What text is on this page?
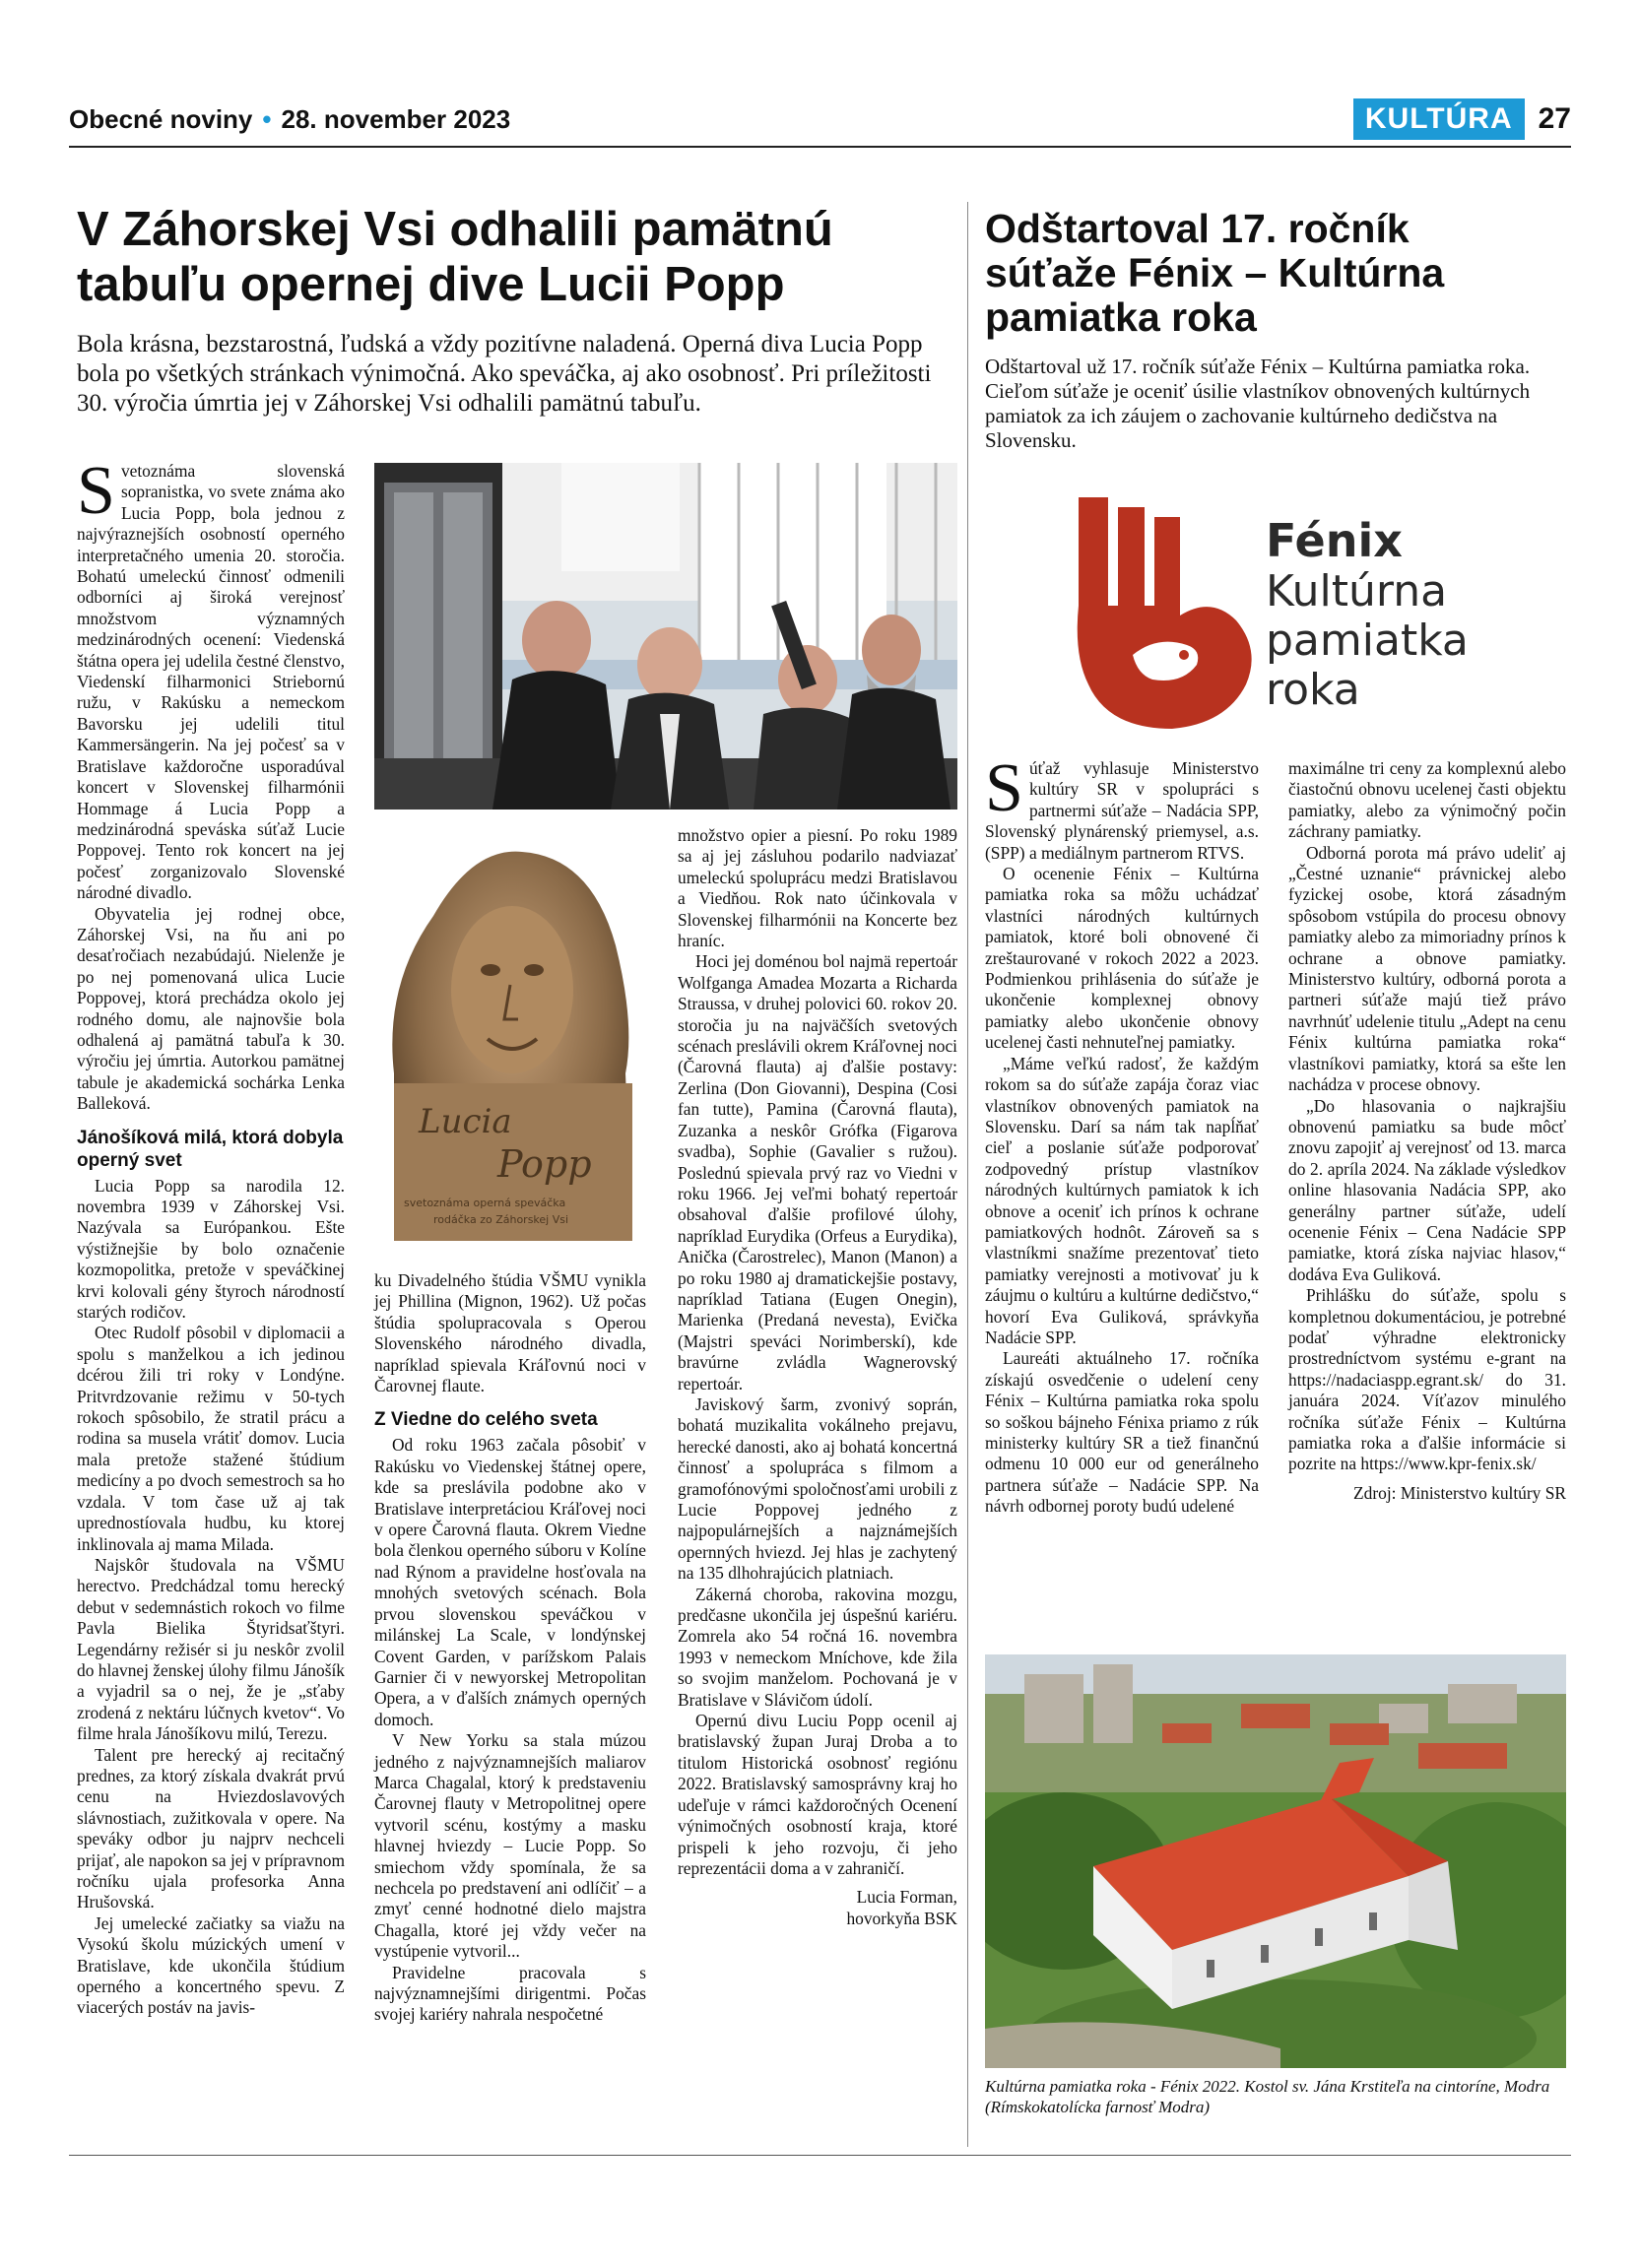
Obecné noviny • 28. november 2023	KULTÚRA 27
V Záhorskej Vsi odhalili pamätnú
tabuľu opernej dive Lucii Popp
Bola krásna, bezstarostná, ľudská a vždy pozitívne naladená. Operná diva Lucia Popp bola po všetkých stránkach výnimočná. Ako speváčka, aj ako osobnosť. Pri príležitosti 30. výročia úmrtia jej v Záhorskej Vsi odhalili pamätnú tabuľu.

Svetoznáma slovenská sopranistka, vo svete známa ako Lucia Popp, bola jednou z najvýraznejších osobností operného interpretačného umenia 20. storočia. Bohatú umeleckú činnosť odmenili odborníci aj široká verejnosť množstvom významných medzinárodných ocenení: Viedenská štátna opera jej udelila čestné členstvo, Viedenskí filharmonici Striebornú ružu, v Rakúsku a nemeckom Bavorsku jej udelili titul Kammersängerin. Na jej počesť sa v Bratislave každoročne usporadúval koncert v Slovenskej filharmónii Hommage á Lucia Popp a medzinárodná speváska súťaž Lucie Poppovej. Tento rok koncert na jej počesť zorganizovalo Slovenské národné divadlo.

Obyvatelia jej rodnej obce, Záhorskej Vsi, na ňu ani po desaťročiach nezabúdajú. Nielenže je po nej pomenovaná ulica Lucie Poppovej, ktorá prechádza okolo jej rodného domu, ale najnovšie bola odhalená aj pamätná tabuľa k 30. výročiu jej úmrtia. Autorkou pamätnej tabule je akademická sochárka Lenka Balleková.

Jánošíková milá, ktorá dobyla operný svet

Lucia Popp sa narodila 12. novembra 1939 v Záhorskej Vsi. Nazývala sa Európankou. Ešte výstižnejšie by bolo označenie kozmopolitka, pretože v speváčkinej krvi kolovali gény štyroch národností starých rodičov.

Otec Rudolf pôsobil v diplomacii a spolu s manželkou a ich jedinou dcérou žili tri roky v Londýne. Pritvrdzovanie režimu v 50-tych rokoch spôsobilo, že stratil prácu a rodina sa musela vrátiť domov. Lucia mala pretože stažené štúdium medicíny a po dvoch semestroch sa ho vzdala. V tom čase už aj tak uprednostíovala hudbu, ku ktorej inklinovala aj mama Milada.

Najskôr študovala na VŠMU herectvo. Predchádzal tomu herecký debut v sedemnástich rokoch vo filme Pavla Bielika Štyridsaťštyri. Legendárny režisér si ju neskôr zvolil do hlavnej ženskej úlohy filmu Jánošík a vyjadril sa o nej, že je „sťaby zrodená z nektáru lúčnych kvetov“. Vo filme hrala Jánošíkovu milú, Terezu.

Talent pre herecký aj recitačný prednes, za ktorý získala dvakrát prvú cenu na Hviezdoslavových slávnostiach, zužitkovala v opere. Na speváky odbor ju najprv nechceli prijať, ale napokon sa jej v prípravnom ročníku ujala profesorka Anna Hrušovská.

Jej umelecké začiatky sa viažu na Vysokú školu múzických umení v Bratislave, kde ukončila štúdium operného a koncertného spevu. Z viacerých postáv na javis-

Lucia
Popp
svetoznáma operná speváčka
rodáčka zo Záhorskej Vsi

ku Divadelného štúdia VŠMU vynikla jej Phillina (Mignon, 1962). Už počas štúdia spolupracovala s Operou Slovenského národného divadla, napríklad spievala Kráľovnú noci v Čarovnej flaute.

Z Viedne do celého sveta

Od roku 1963 začala pôsobiť v Rakúsku vo Viedenskej štátnej opere, kde sa preslávila podobne ako v Bratislave interpretáciou Kráľovej noci v opere Čarovná flauta. Okrem Viedne bola členkou operného súboru v Kolíne nad Rýnom a pravidelne hosťovala na mnohých svetových scénach. Bola prvou slovenskou speváčkou v milánskej La Scale, v londýnskej Covent Garden, v parížskom Palais Garnier či v newyorskej Metropolitan Opera, a v ďalších známych operných domoch.

V New Yorku sa stala múzou jedného z najvýznamnejších maliarov Marca Chagalal, ktorý k predstaveniu Čarovnej flauty v Metropolitnej opere vytvoril scénu, kostýmy a masku hlavnej hviezdy – Lucie Popp. So smiechom vždy spomínala, že sa nechcela po predstavení ani odlíčiť – a zmyť cenné hodnotné dielo majstra Chagalla, ktoré jej vždy večer na vystúpenie vytvoril...

Pravidelne pracovala s najvýznamnejšími dirigentmi. Počas svojej kariéry nahrala nespočetné

množstvo opier a piesní. Po roku 1989 sa aj jej zásluhou podarilo nadviazať umeleckú spoluprácu medzi Bratislavou a Viedňou. Rok nato účinkovala v Slovenskej filharmónii na Koncerte bez hraníc.

Hoci jej doménou bol najmä repertoár Wolfganga Amadea Mozarta a Richarda Straussa, v druhej polovici 60. rokov 20. storočia ju na najväčších svetových scénach preslávili okrem Kráľovnej noci (Čarovná flauta) aj ďalšie postavy: Zerlina (Don Giovanni), Despina (Cosi fan tutte), Pamina (Čarovná flauta), Zuzanka a neskôr Grófka (Figarova svadba), Sophie (Gavalier s ružou). Poslednú spievala prvý raz vo Viedni v roku 1966. Jej veľmi bohatý repertoár obsahoval ďalšie profilové úlohy, napríklad Eurydika (Orfeus a Eurydika), Anička (Čarostrelec), Manon (Manon) a po roku 1980 aj dramatickejšie postavy, napríklad Tatiana (Eugen Onegin), Marienka (Predaná nevesta), Evička (Majstri speváci Norimberskí), kde bravúrne zvládla Wagnerovský repertoár.

Javiskový šarm, zvonivý soprán, bohatá muzikalita vokálneho prejavu, herecké danosti, ako aj bohatá koncertná činnosť a spolupráca s filmom a gramofónovými spoločnosťami urobili z Lucie Poppovej jedného z najpopulárnejších a najznámejších opernných hviezd. Jej hlas je zachytený na 135 dlhohrajúcich platniach.

Zákerná choroba, rakovina mozgu, predčasne ukončila jej úspešnú kariéru. Zomrela ako 54 ročná 16. novembra 1993 v nemeckom Mníchove, kde žila so svojim manželom. Pochovaná je v Bratislave v Slávičom údolí.

Opernú divu Luciu Popp ocenil aj bratislavský župan Juraj Droba a to titulom Historická osobnosť regiónu 2022. Bratislavský samosprávny kraj ho udeľuje v rámci každoročných Ocenení výnimočných osobností kraja, ktoré prispeli k jeho rozvoju, či jeho reprezentácii doma a v zahraničí.

Lucia Forman,

hovorkyňa BSK

Odštartoval 17. ročník
súťaže Fénix – Kultúrna
pamiatka roka
Odštartoval už 17. ročník súťaže Fénix – Kultúrna pamiatka roka. Cieľom súťaže je oceniť úsilie vlastníkov obnovených kultúrnych pamiatok za ich záujem o zachovanie kultúrneho dedičstva na Slovensku.
Fénix
Kultúrna
pamiatka
roka

Súťaž vyhlasuje Ministerstvo kultúry SR v spolupráci s partnermi súťaže – Nadácia SPP, Slovenský plynárenský priemysel, a.s. (SPP) a mediálnym partnerom RTVS.

O ocenenie Fénix – Kultúrna pamiatka roka sa môžu uchádzať vlastníci národných kultúrnych pamiatok, ktoré boli obnovené či zreštaurované v rokoch 2022 a 2023. Podmienkou prihlásenia do súťaže je ukončenie komplexnej obnovy pamiatky alebo ukončenie obnovy ucelenej časti nehnuteľnej pamiatky.

„Máme veľkú radosť, že každým rokom sa do súťaže zapája čoraz viac vlastníkov obnovených pamiatok na Slovensku. Darí sa nám tak napĺňať cieľ a poslanie súťaže podporovať zodpovedný prístup vlastníkov národných kultúrnych pamiatok k ich obnove a oceniť ich prínos k ochrane pamiatkových hodnôt. Zároveň sa s vlastníkmi snažíme prezentovať tieto pamiatky verejnosti a motivovať ju k záujmu o kultúru a kultúrne dedičstvo,“ hovorí Eva Guliková, správkyňa Nadácie SPP.

Laureáti aktuálneho 17. ročníka získajú osvedčenie o udelení ceny Fénix – Kultúrna pamiatka roka spolu so soškou bájneho Fénixa priamo z rúk ministerky kultúry SR a tiež finančnú odmenu 10 000 eur od generálneho partnera súťaže – Nadácie SPP. Na návrh odbornej poroty budú udelené

maximálne tri ceny za komplexnú alebo čiastočnú obnovu ucelenej časti objektu pamiatky, alebo za výnimočný počin záchrany pamiatky.

Odborná porota má právo udeliť aj „Čestné uznanie“ právnickej alebo fyzickej osobe, ktorá zásadným spôsobom vstúpila do procesu obnovy pamiatky alebo za mimoriadny prínos k ochrane a obnove pamiatky. Ministerstvo kultúry, odborná porota a partneri súťaže majú tiež právo navrhnúť udelenie titulu „Adept na cenu Fénix kultúrna pamiatka roka“ vlastníkovi pamiatky, ktorá sa ešte len nachádza v procese obnovy.

„Do hlasovania o najkrajšiu obnovenú pamiatku sa bude môcť znovu zapojiť aj verejnosť od 13. marca do 2. apríla 2024. Na základe výsledkov online hlasovania Nadácia SPP, ako generálny partner súťaže, udelí ocenenie Fénix – Cena Nadácie SPP pamiatke, ktorá získa najviac hlasov,“ dodáva Eva Guliková.

Prihlášku do súťaže, spolu s kompletnou dokumentáciou, je potrebné podať výhradne elektronicky prostredníctvom systému e-grant na https://nadaciaspp.egrant.sk/ do 31. januára 2024. Víťazov minulého ročníka súťaže Fénix – Kultúrna pamiatka roka a ďalšie informácie si pozrite na https://www.kpr-fenix.sk/

Zdroj: Ministerstvo kultúry SR

Kultúrna pamiatka roka - Fénix 2022. Kostol sv. Jána Krstiteľa na cintoríne, Modra (Rímskokatolícka farnosť Modra)
